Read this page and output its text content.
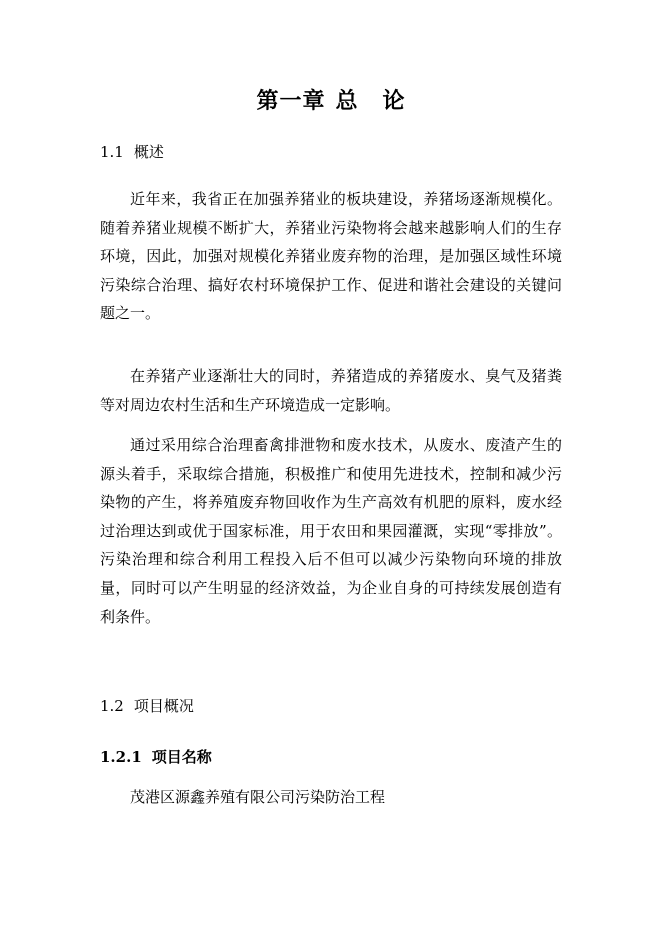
第一章 总 论
1.1 概述

近年来，我省正在加强养猪业的板块建设，养猪场逐渐规模化。随着养猪业规模不断扩大，养猪业污染物将会越来越影响人们的生存环境，因此，加强对规模化养猪业废弃物的治理，是加强区域性环境污染综合治理、搞好农村环境保护工作、促进和谐社会建设的关键问题之一。

在养猪产业逐渐壮大的同时，养猪造成的养猪废水、臭气及猪粪等对周边农村生活和生产环境造成一定影响。

通过采用综合治理畜禽排泄物和废水技术，从废水、废渣产生的源头着手，采取综合措施，积极推广和使用先进技术，控制和减少污染物的产生，将养殖废弃物回收作为生产高效有机肥的原料，废水经过治理达到或优于国家标准，用于农田和果园灌溉，实现“零排放”。污染治理和综合利用工程投入后不但可以减少污染物向环境的排放量，同时可以产生明显的经济效益，为企业自身的可持续发展创造有利条件。

1.2 项目概况
1.2.1 项目名称
茂港区源鑫养殖有限公司污染防治工程
